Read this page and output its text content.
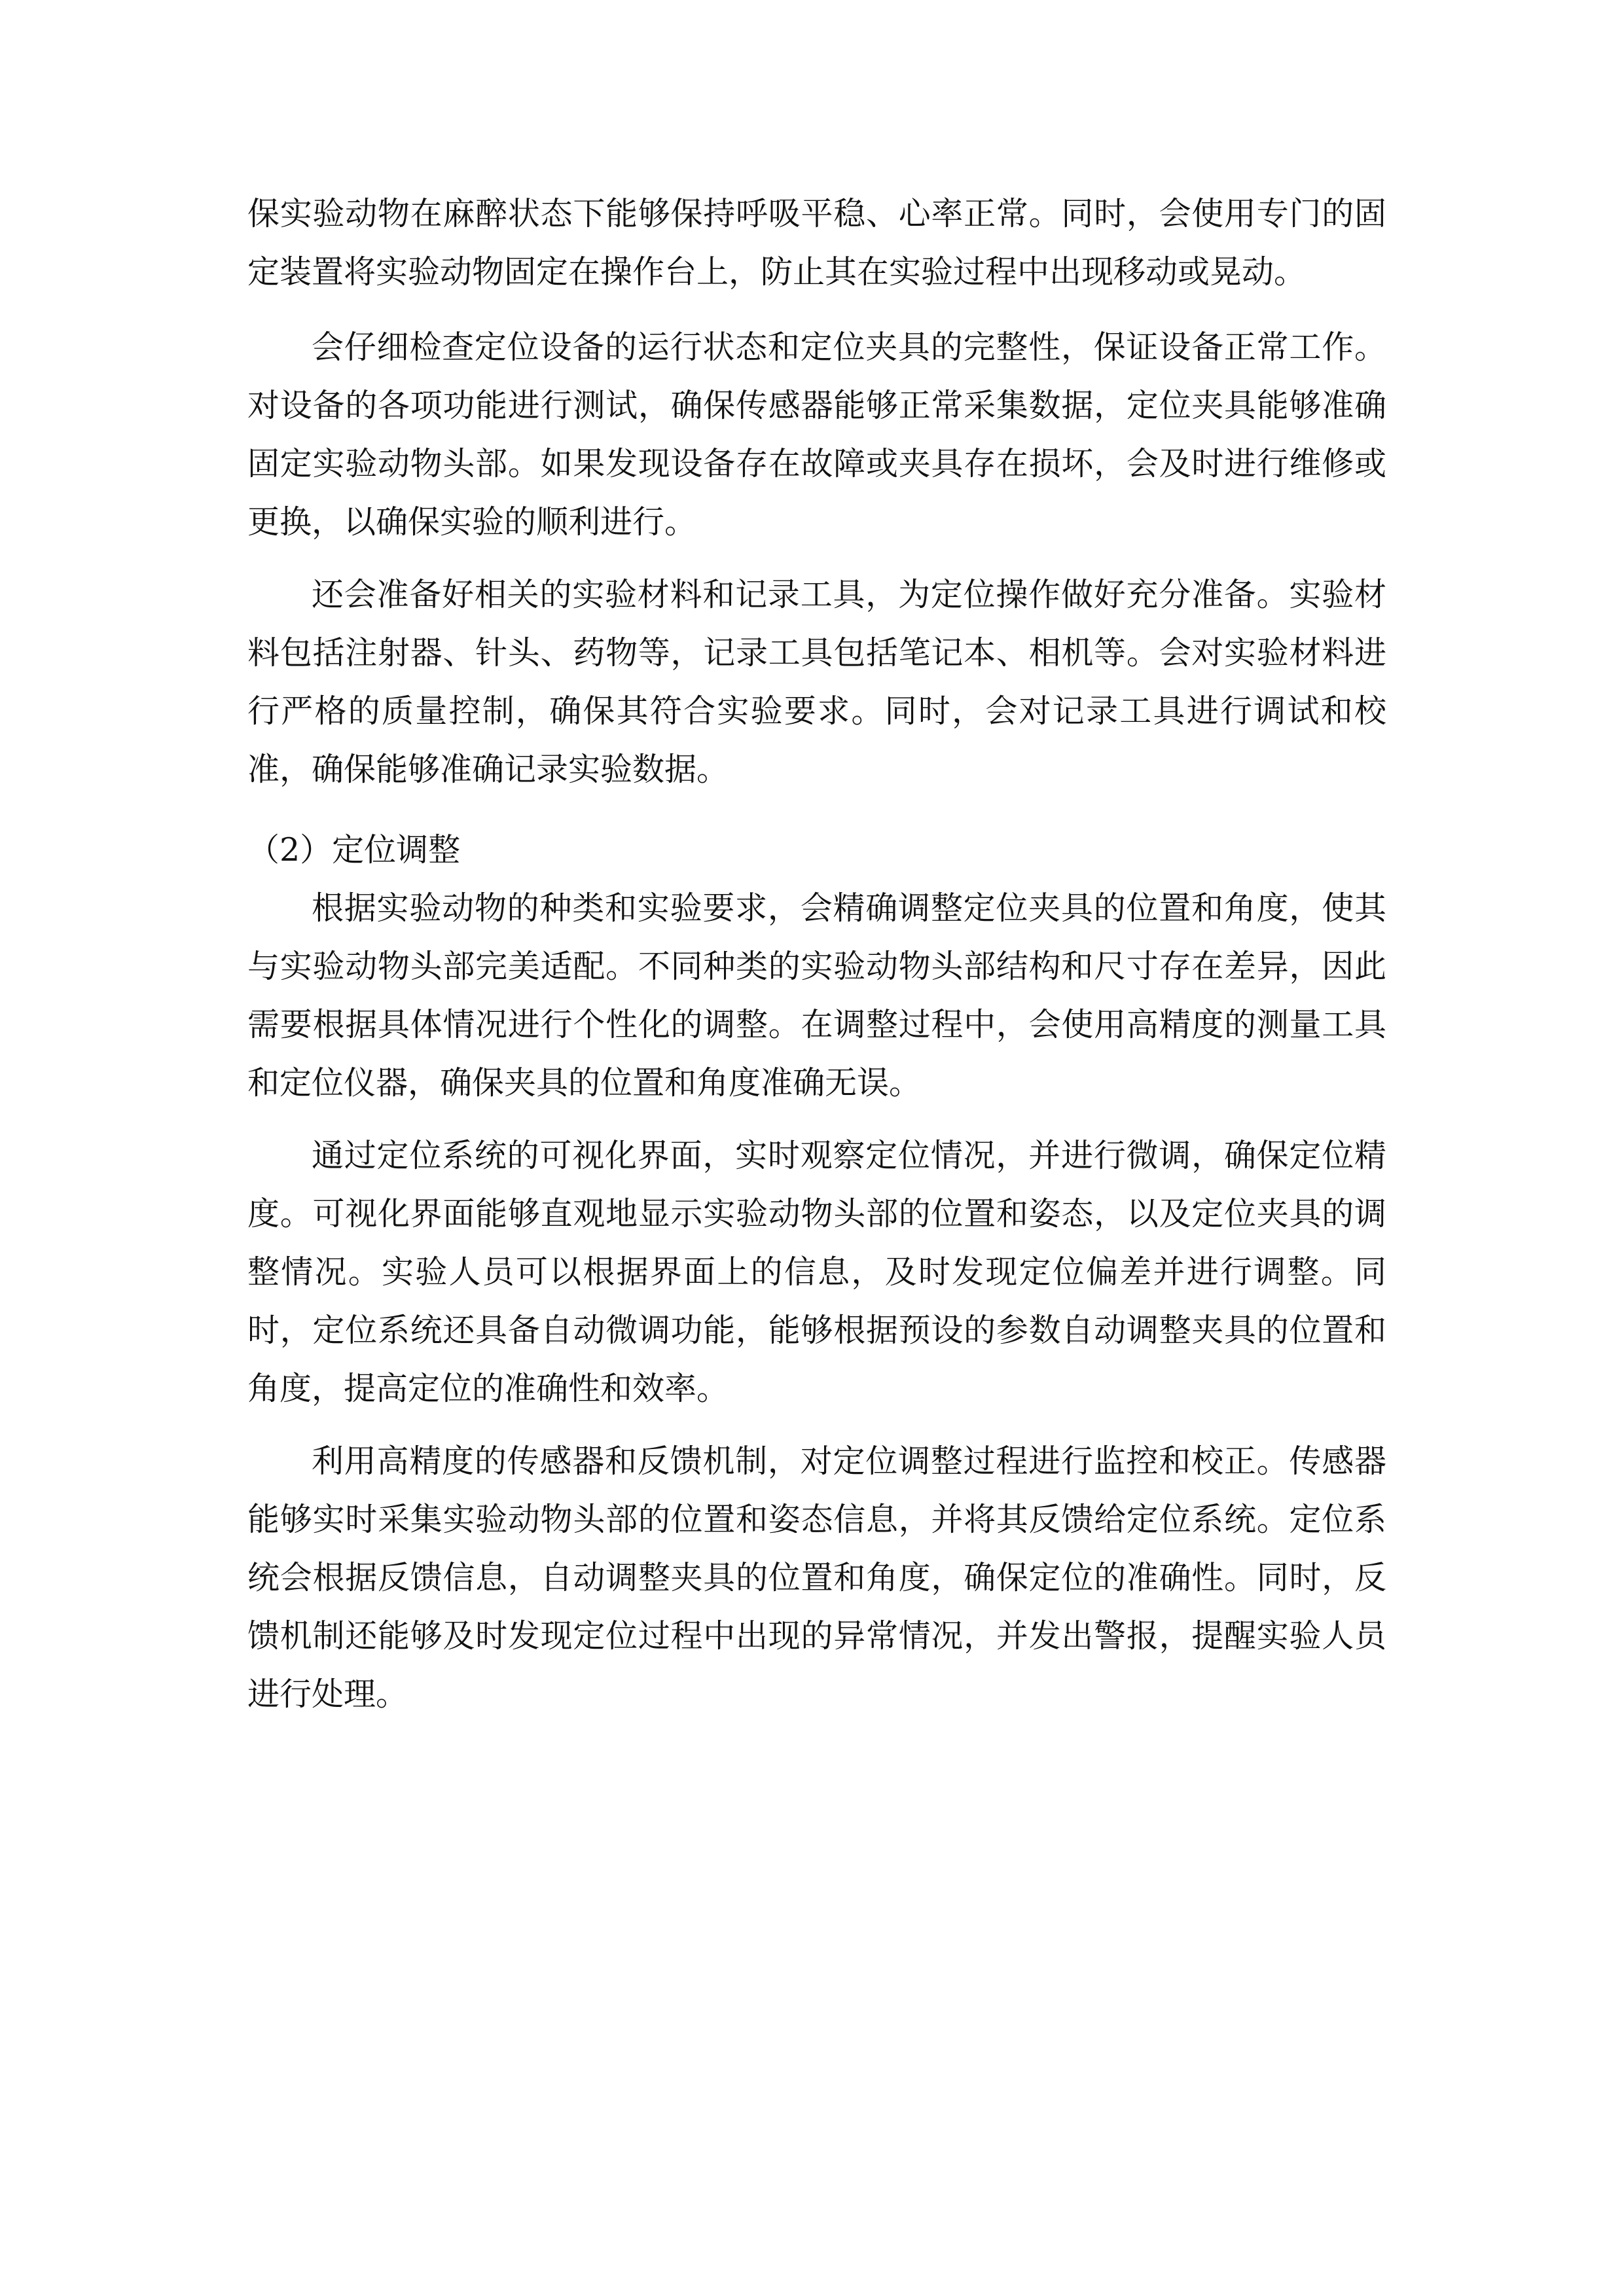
保实验动物在麻醉状态下能够保持呼吸平稳、心率正常。同时，会使用专门的固定装置将实验动物固定在操作台上，防止其在实验过程中出现移动或晃动。

会仔细检查定位设备的运行状态和定位夹具的完整性，保证设备正常工作。对设备的各项功能进行测试，确保传感器能够正常采集数据，定位夹具能够准确固定实验动物头部。如果发现设备存在故障或夹具存在损坏，会及时进行维修或更换，以确保实验的顺利进行。

还会准备好相关的实验材料和记录工具，为定位操作做好充分准备。实验材料包括注射器、针头、药物等，记录工具包括笔记本、相机等。会对实验材料进行严格的质量控制，确保其符合实验要求。同时，会对记录工具进行调试和校准，确保能够准确记录实验数据。

（2）定位调整

根据实验动物的种类和实验要求，会精确调整定位夹具的位置和角度，使其与实验动物头部完美适配。不同种类的实验动物头部结构和尺寸存在差异，因此需要根据具体情况进行个性化的调整。在调整过程中，会使用高精度的测量工具和定位仪器，确保夹具的位置和角度准确无误。

通过定位系统的可视化界面，实时观察定位情况，并进行微调，确保定位精度。可视化界面能够直观地显示实验动物头部的位置和姿态，以及定位夹具的调整情况。实验人员可以根据界面上的信息，及时发现定位偏差并进行调整。同时，定位系统还具备自动微调功能，能够根据预设的参数自动调整夹具的位置和角度，提高定位的准确性和效率。

利用高精度的传感器和反馈机制，对定位调整过程进行监控和校正。传感器能够实时采集实验动物头部的位置和姿态信息，并将其反馈给定位系统。定位系统会根据反馈信息，自动调整夹具的位置和角度，确保定位的准确性。同时，反馈机制还能够及时发现定位过程中出现的异常情况，并发出警报，提醒实验人员进行处理。
